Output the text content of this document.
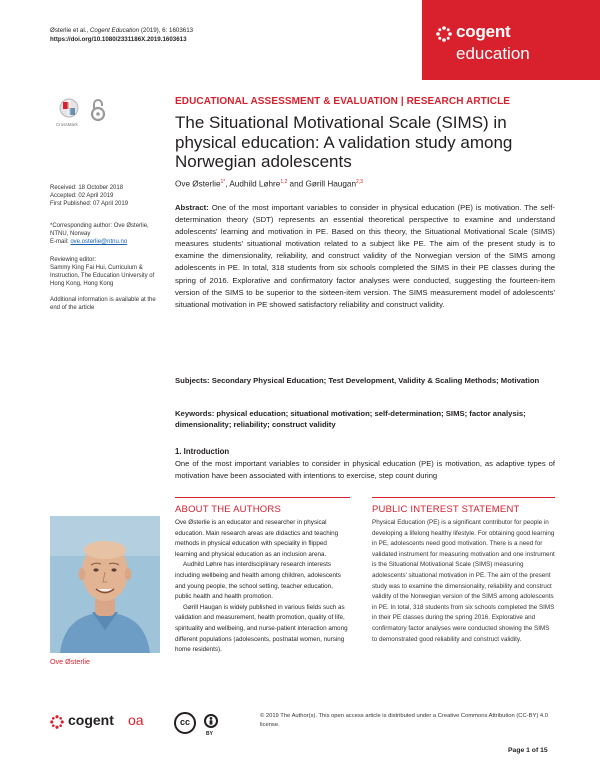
Østerlie et al., Cogent Education (2019), 6: 1603613
https://doi.org/10.1080/2331186X.2019.1603613	cogent
education
CrossMark
Received: 18 October 2018
Accepted: 02 April 2019
First Published: 07 April 2019
*Corresponding author: Ove Østerlie, NTNU, Norway
E-mail: ove.osterlie@ntnu.no
Reviewing editor:
Sammy King Fai Hui, Curriculum & Instruction, The Education University of Hong Kong, Hong Kong
Additional information is available at the end of the article
EDUCATIONAL ASSESSMENT & EVALUATION | RESEARCH ARTICLE
The Situational Motivational Scale (SIMS) in physical education: A validation study among Norwegian adolescents
Ove Østerlie$^{1*}$, Audhild Løhre$^{1,2}$ and Gørill Haugan$^{2,3}$
Abstract: One of the most important variables to consider in physical education (PE) is motivation. The self-determination theory (SDT) represents an essential theoretical perspective to examine and understand adolescents' learning and motivation in PE. Based on this theory, the Situational Motivational Scale (SIMS) measures students' situational motivation related to a subject like PE. The aim of the present study is to examine the dimensionality, reliability, and construct validity of the Norwegian version of the SIMS among adolescents in PE. In total, 318 students from six schools completed the SIMS in their PE classes during the spring of 2016. Explorative and confirmatory factor analyses were conducted, suggesting the fourteen-item version of the SIMS to be superior to the sixteen-item version. The SIMS measurement model of adolescents' situational motivation in PE showed satisfactory reliability and construct validity.
Subjects: Secondary Physical Education; Test Development, Validity & Scaling Methods; Motivation
Keywords: physical education; situational motivation; self-determination; SIMS; factor analysis; dimensionality; reliability; construct validity
1. Introduction
One of the most important variables to consider in physical education (PE) is motivation, as adaptive types of motivation have been associated with intentions to exercise, step count during
ABOUT THE AUTHORS	PUBLIC INTEREST STATEMENT
Ove Østerlie

Ove Østerlie is an educator and researcher in physical education. Main research areas are didactics and teaching methods in physical education with speciality in flipped learning and physical education as an inclusion arena.

Audhild Løhre has interdisciplinary research interests including wellbeing and health among children, adolescents and young people, the school setting, teacher education, public health and health promotion.

Gørill Haugan is widely published in various fields such as validation and measurement, health promotion, quality of life, spirituality and wellbeing, and nurse-patient interaction among different populations (adolescents, postnatal women, nursing home residents).

Physical Education (PE) is a significant contributor for people in developing a lifelong healthy lifestyle. For obtaining good learning in PE, adolescents need good motivation. There is a need for validated instrument for measuring motivation and one instrument is the Situational Motivational Scale (SIMS) measuring adolescents' situational motivation in PE. The aim of the present study was to examine the dimensionality, reliability and construct validity of the Norwegian version of the SIMS among adolescents in PE. In total, 318 students from six schools completed the SIMS in their PE classes during the spring 2016. Explorative and confirmatory factor analyses were conducted showing the SIMS to demonstrated good reliability and construct validity.
cogent oa	cc
BY
© 2019 The Author(s). This open access article is distributed under a Creative Commons Attribution (CC-BY) 4.0 license.
Page 1 of 15
